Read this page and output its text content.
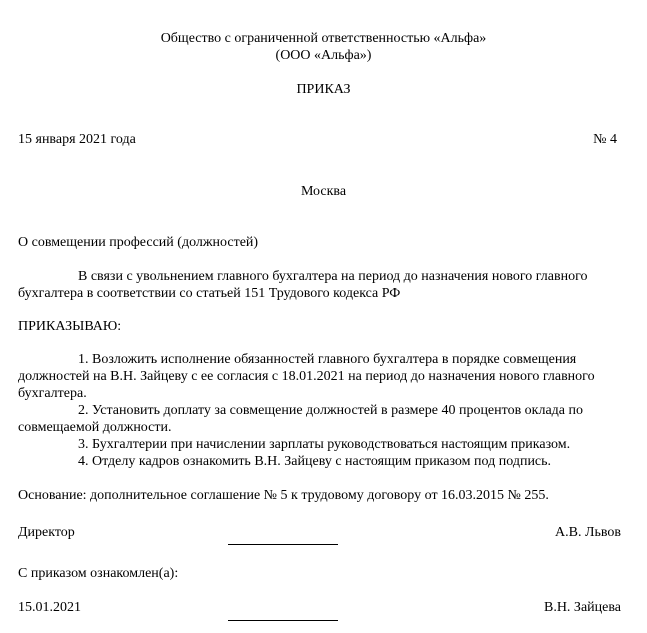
Общество с ограниченной ответственностью «Альфа»
(ООО «Альфа»)
ПРИКАЗ
15 января 2021 года	№ 4
Москва
О совмещении профессий (должностей)
В связи с увольнением главного бухгалтера на период до назначения нового главного бухгалтера в соответствии со статьей 151 Трудового кодекса РФ
ПРИКАЗЫВАЮ:
1. Возложить исполнение обязанностей главного бухгалтера в порядке совмещения должностей на В.Н. Зайцеву с ее согласия с 18.01.2021 на период до назначения нового главного бухгалтера.
2. Установить доплату за совмещение должностей в размере 40 процентов оклада по совмещаемой должности.
3. Бухгалтерии при начислении зарплаты руководствоваться настоящим приказом.
4. Отделу кадров ознакомить В.Н. Зайцеву с настоящим приказом под подпись.
Основание: дополнительное соглашение № 5 к трудовому договору от 16.03.2015 № 255.
Директор	А.В. Львов
С приказом ознакомлен(а):
15.01.2021	В.Н. Зайцева
